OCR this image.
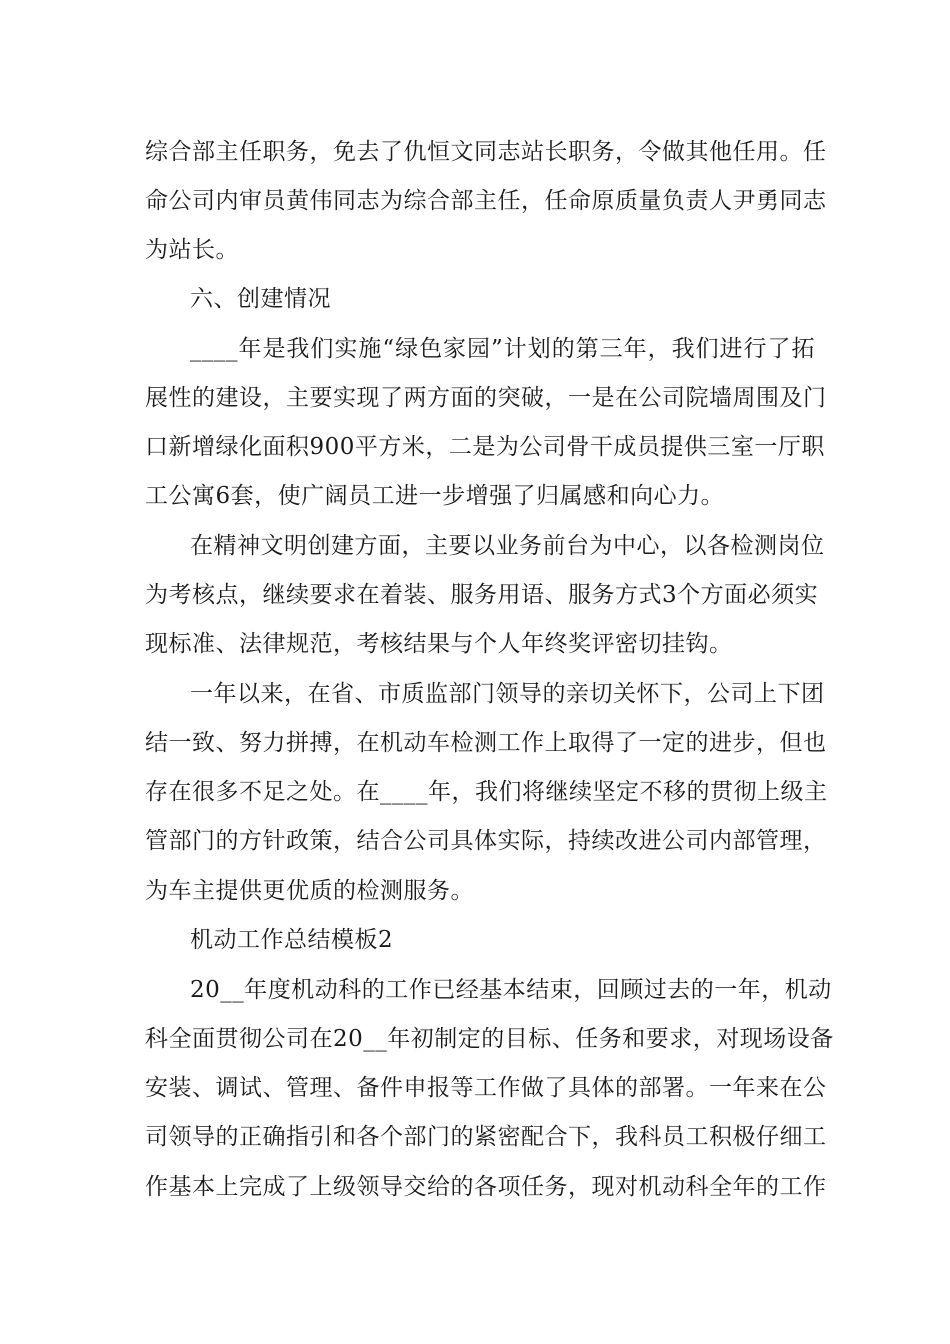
综合部主任职务，免去了仇恒文同志站长职务，令做其他任用。任
命公司内审员黄伟同志为综合部主任，任命原质量负责人尹勇同志
为站长。
六、创建情况
____年是我们实施“绿色家园”计划的第三年，我们进行了拓
展性的建设，主要实现了两方面的突破，一是在公司院墙周围及门
口新增绿化面积900平方米，二是为公司骨干成员提供三室一厅职
工公寓6套，使广阔员工进一步增强了归属感和向心力。
在精神文明创建方面，主要以业务前台为中心，以各检测岗位
为考核点，继续要求在着装、服务用语、服务方式3个方面必须实
现标准、法律规范，考核结果与个人年终奖评密切挂钩。
一年以来，在省、市质监部门领导的亲切关怀下，公司上下团
结一致、努力拼搏，在机动车检测工作上取得了一定的进步，但也
存在很多不足之处。在____年，我们将继续坚定不移的贯彻上级主
管部门的方针政策，结合公司具体实际，持续改进公司内部管理，
为车主提供更优质的检测服务。
机动工作总结模板2
20__年度机动科的工作已经基本结束，回顾过去的一年，机动
科全面贯彻公司在20__年初制定的目标、任务和要求，对现场设备
安装、调试、管理、备件申报等工作做了具体的部署。一年来在公
司领导的正确指引和各个部门的紧密配合下，我科员工积极仔细工
作基本上完成了上级领导交给的各项任务，现对机动科全年的工作
